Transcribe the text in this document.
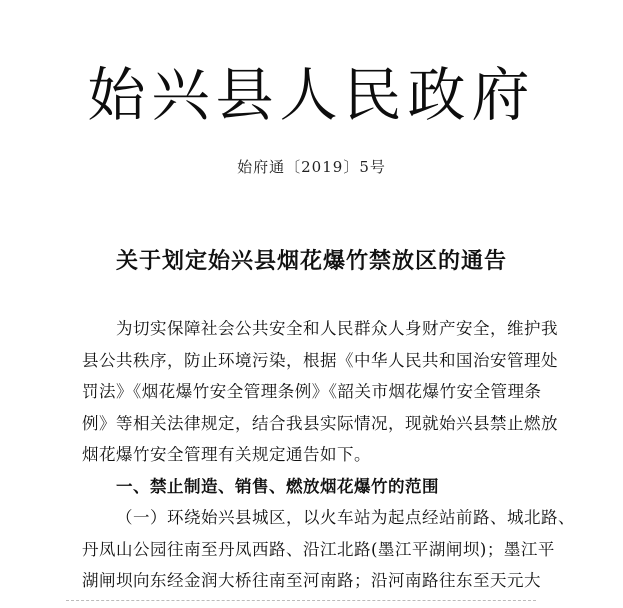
始兴县人民政府
始府通〔2019〕5号
关于划定始兴县烟花爆竹禁放区的通告
为切实保障社会公共安全和人民群众人身财产安全，维护我
县公共秩序，防止环境污染，根据《中华人民共和国治安管理处
罚法》《烟花爆竹安全管理条例》《韶关市烟花爆竹安全管理条
例》等相关法律规定，结合我县实际情况，现就始兴县禁止燃放
烟花爆竹安全管理有关规定通告如下。
一、禁止制造、销售、燃放烟花爆竹的范围
（一）环绕始兴县城区，以火车站为起点经站前路、城北路、
丹凤山公园往南至丹凤西路、沿江北路(墨江平湖闸坝)；墨江平
湖闸坝向东经金润大桥往南至河南路；沿河南路往东至天元大
